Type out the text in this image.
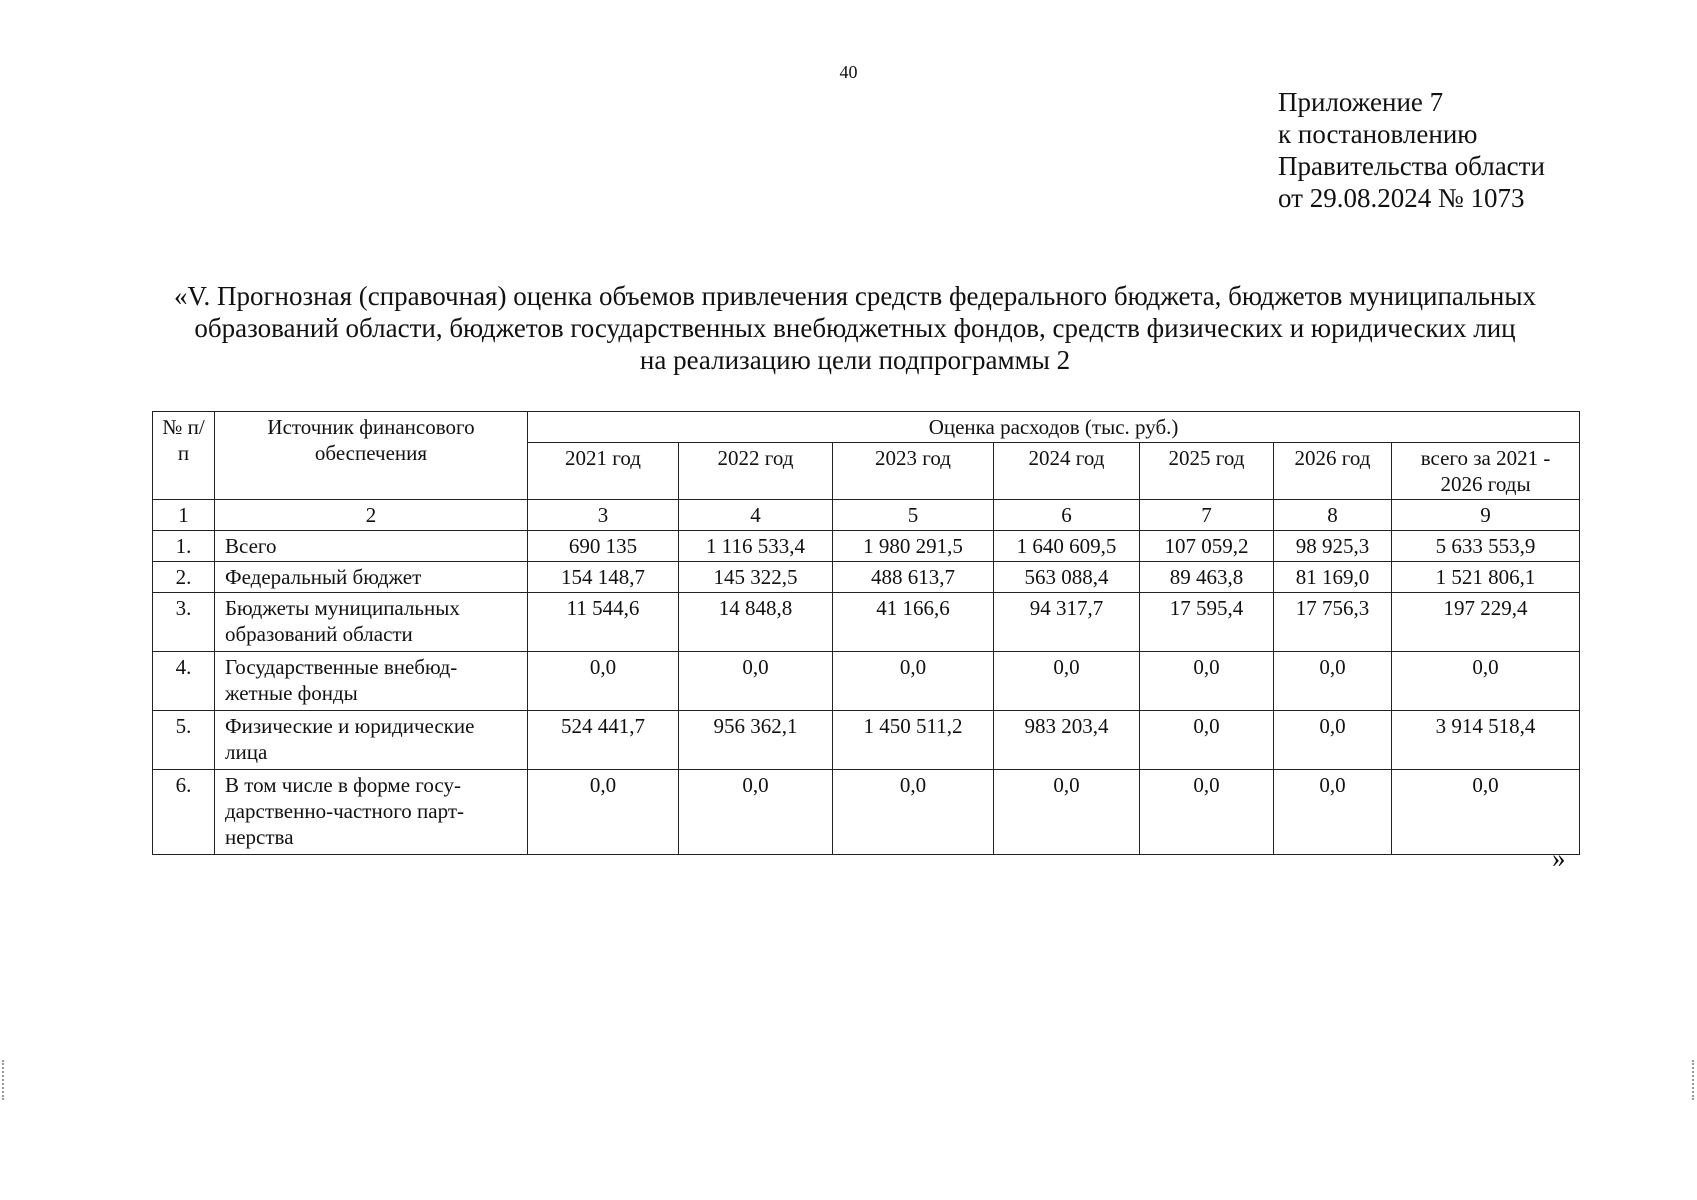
40
Приложение 7
к постановлению
Правительства области
от 29.08.2024 № 1073
«V. Прогнозная (справочная) оценка объемов привлечения средств федерального бюджета, бюджетов муниципальных
образований области, бюджетов государственных внебюджетных фондов, средств физических и юридических лиц
на реализацию цели подпрограммы 2
№ п/п	Источник финансового обеспечения	Оценка расходов (тыс. руб.)						
		2021 год	2022 год	2023 год	2024 год	2025 год	2026 год	всего за 2021 - 2026 годы
1	2	3	4	5	6	7	8	9
1.	Всего	690 135	1 116 533,4	1 980 291,5	1 640 609,5	107 059,2	98 925,3	5 633 553,9
2.	Федеральный бюджет	154 148,7	145 322,5	488 613,7	563 088,4	89 463,8	81 169,0	1 521 806,1
3.	Бюджеты муниципальных образований области	11 544,6	14 848,8	41 166,6	94 317,7	17 595,4	17 756,3	197 229,4
4.	Государственные внебюд-жетные фонды	0,0	0,0	0,0	0,0	0,0	0,0	0,0
5.	Физические и юридические лица	524 441,7	956 362,1	1 450 511,2	983 203,4	0,0	0,0	3 914 518,4
6.	В том числе в форме госу-дарственно-частного парт-нерства	0,0	0,0	0,0	0,0	0,0	0,0	0,0
»
